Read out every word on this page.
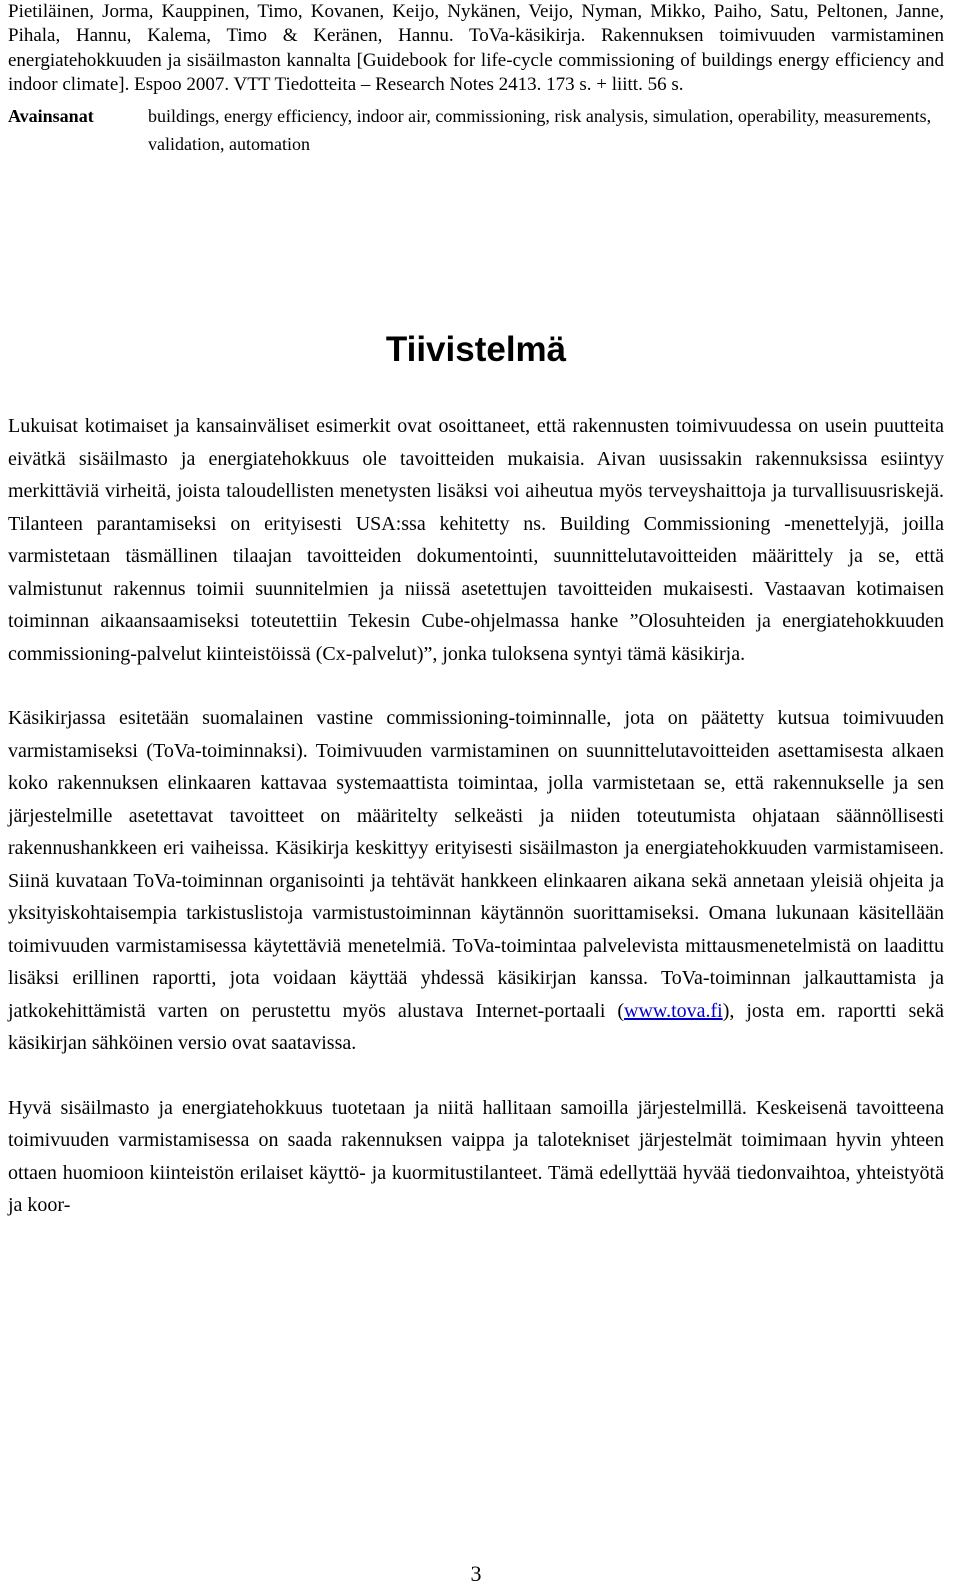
Pietiläinen, Jorma, Kauppinen, Timo, Kovanen, Keijo, Nykänen, Veijo, Nyman, Mikko, Paiho, Satu, Peltonen, Janne, Pihala, Hannu, Kalema, Timo & Keränen, Hannu. ToVa-käsikirja. Rakennuksen toimivuuden varmistaminen energiatehokkuuden ja sisäilmaston kannalta [Guidebook for life-cycle commissioning of buildings energy efficiency and indoor climate]. Espoo 2007. VTT Tiedotteita – Research Notes 2413. 173 s. + liitt. 56 s.

Avainsanat	buildings, energy efficiency, indoor air, commissioning, risk analysis, simulation, operability, measurements, validation, automation
Tiivistelmä

Lukuisat kotimaiset ja kansainväliset esimerkit ovat osoittaneet, että rakennusten toimivuudessa on usein puutteita eivätkä sisäilmasto ja energiatehokkuus ole tavoitteiden mukaisia. Aivan uusissakin rakennuksissa esiintyy merkittäviä virheitä, joista taloudellisten menetysten lisäksi voi aiheutua myös terveyshaittoja ja turvallisuusriskejä. Tilanteen parantamiseksi on erityisesti USA:ssa kehitetty ns. Building Commissioning -menettelyjä, joilla varmistetaan täsmällinen tilaajan tavoitteiden dokumentointi, suunnittelutavoitteiden määrittely ja se, että valmistunut rakennus toimii suunnitelmien ja niissä asetettujen tavoitteiden mukaisesti. Vastaavan kotimaisen toiminnan aikaansaamiseksi toteutettiin Tekesin Cube-ohjelmassa hanke ”Olosuhteiden ja energiatehokkuuden commissioning-palvelut kiinteistöissä (Cx-palvelut)”, jonka tuloksena syntyi tämä käsikirja.

Käsikirjassa esitetään suomalainen vastine commissioning-toiminnalle, jota on päätetty kutsua toimivuuden varmistamiseksi (ToVa-toiminnaksi). Toimivuuden varmistaminen on suunnittelutavoitteiden asettamisesta alkaen koko rakennuksen elinkaaren kattavaa systemaattista toimintaa, jolla varmistetaan se, että rakennukselle ja sen järjestelmille asetettavat tavoitteet on määritelty selkeästi ja niiden toteutumista ohjataan säännöllisesti rakennushankkeen eri vaiheissa. Käsikirja keskittyy erityisesti sisäilmaston ja energiatehokkuuden varmistamiseen. Siinä kuvataan ToVa-toiminnan organisointi ja tehtävät hankkeen elinkaaren aikana sekä annetaan yleisiä ohjeita ja yksityiskohtaisempia tarkistuslistoja varmistustoiminnan käytännön suorittamiseksi. Omana lukunaan käsitellään toimivuuden varmistamisessa käytettäviä menetelmiä. ToVa-toimintaa palvelevista mittausmenetelmistä on laadittu lisäksi erillinen raportti, jota voidaan käyttää yhdessä käsikirjan kanssa. ToVa-toiminnan jalkauttamista ja jatkokehittämistä varten on perustettu myös alustava Internet-portaali (www.tova.fi), josta em. raportti sekä käsikirjan sähköinen versio ovat saatavissa.

Hyvä sisäilmasto ja energiatehokkuus tuotetaan ja niitä hallitaan samoilla järjestelmillä. Keskeisenä tavoitteena toimivuuden varmistamisessa on saada rakennuksen vaippa ja talotekniset järjestelmät toimimaan hyvin yhteen ottaen huomioon kiinteistön erilaiset käyttö- ja kuormitustilanteet. Tämä edellyttää hyvää tiedonvaihtoa, yhteistyötä ja koor-

3
